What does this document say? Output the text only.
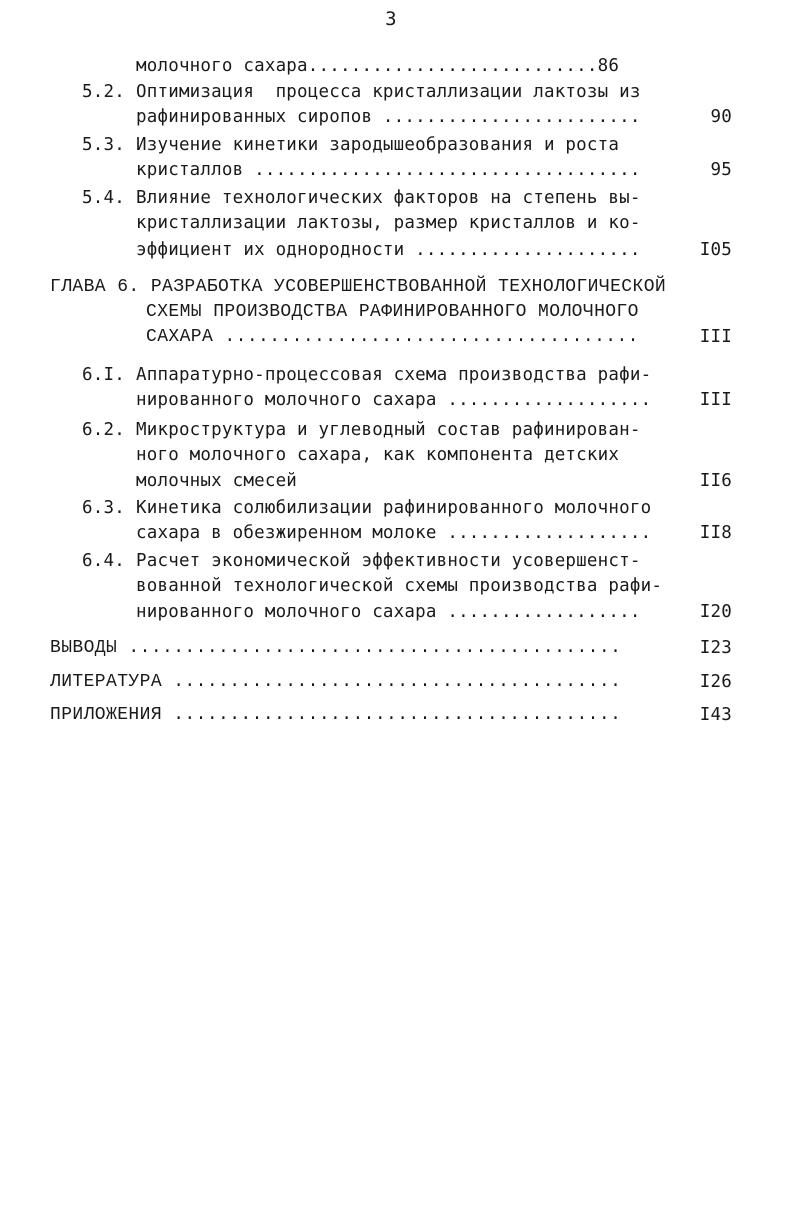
3
молочного сахара...........................86
5.2. Оптимизация  процесса кристаллизации лактозы из
рафинированных сиропов ........................	90
5.3. Изучение кинетики зародышеобразования и роста
кристаллов ....................................	95
5.4. Влияние технологических факторов на степень вы-
кристаллизации лактозы, размер кристаллов и ко-
эффициент их однородности .....................	I05
ГЛАВА 6. РАЗРАБОТКА УСОВЕРШЕНСТВОВАННОЙ ТЕХНОЛОГИЧЕСКОЙ
СХЕМЫ ПРОИЗВОДСТВА РАФИНИРОВАННОГО МОЛОЧНОГО
САХАРА .....................................	III
6.I. Аппаратурно-процессовая схема производства рафи-
нированного молочного сахара ...................	III
6.2. Микроструктура и углеводный состав рафинирован-
ного молочного сахара, как компонента детских
молочных смесей	II6
6.3. Кинетика солюбилизации рафинированного молочного
сахара в обезжиренном молоке ...................	II8
6.4. Расчет экономической эффективности усовершенст-
вованной технологической схемы производства рафи-
нированного молочного сахара ..................	I20
ВЫВОДЫ ............................................	I23
ЛИТЕРАТУРА ........................................	I26
ПРИЛОЖЕНИЯ ........................................	I43
